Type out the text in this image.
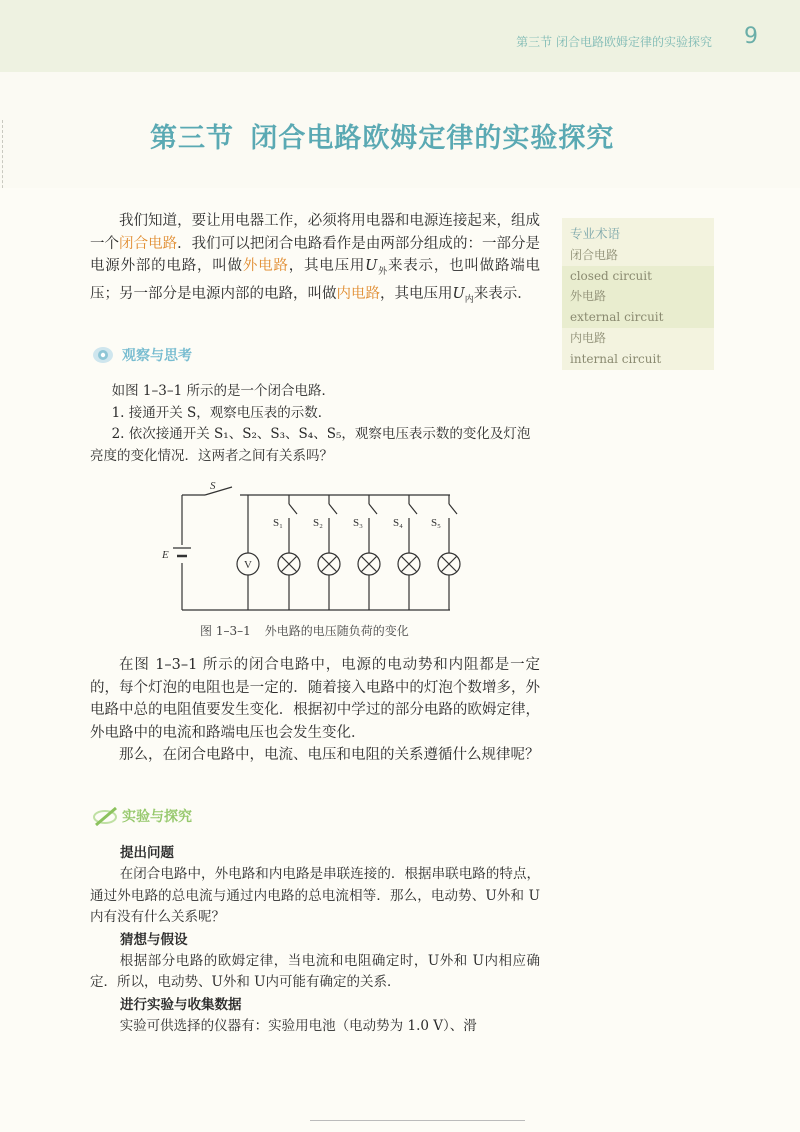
第三节 闭合电路欧姆定律的实验探究 9
第三节 闭合电路欧姆定律的实验探究

我们知道，要让用电器工作，必须将用电器和电源连接起来，组成一个闭合电路．我们可以把闭合电路看作是由两部分组成的：一部分是电源外部的电路，叫做外电路，其电压用$U_外$来表示，也叫做路端电压；另一部分是电源内部的电路，叫做内电路，其电压用$U_内$来表示．

专业术语
闭合电路
closed circuit
外电路
external circuit
内电路
internal circuit
观察与思考

如图 1–3–1 所示的是一个闭合电路．

1. 接通开关 S，观察电压表的示数．

2. 依次接通开关 S₁、S₂、S₃、S₄、S₅，观察电压表示数的变化及灯泡亮度的变化情况．这两者之间有关系吗？

S
E
V
S₁	S₂	S₃	S₄	S₅
图 1–3–1 外电路的电压随负荷的变化

在图 1–3–1 所示的闭合电路中，电源的电动势和内阻都是一定的，每个灯泡的电阻也是一定的．随着接入电路中的灯泡个数增多，外电路中总的电阻值要发生变化．根据初中学过的部分电路的欧姆定律，外电路中的电流和路端电压也会发生变化．

那么，在闭合电路中，电流、电压和电阻的关系遵循什么规律呢？

实验与探究

提出问题

在闭合电路中，外电路和内电路是串联连接的．根据串联电路的特点，通过外电路的总电流与通过内电路的总电流相等．那么，电动势、U外和 U内有没有什么关系呢？

猜想与假设

根据部分电路的欧姆定律，当电流和电阻确定时，U外和 U内相应确定．所以，电动势、U外和 U内可能有确定的关系．

进行实验与收集数据

实验可供选择的仪器有：实验用电池（电动势为 1.0 V）、滑
